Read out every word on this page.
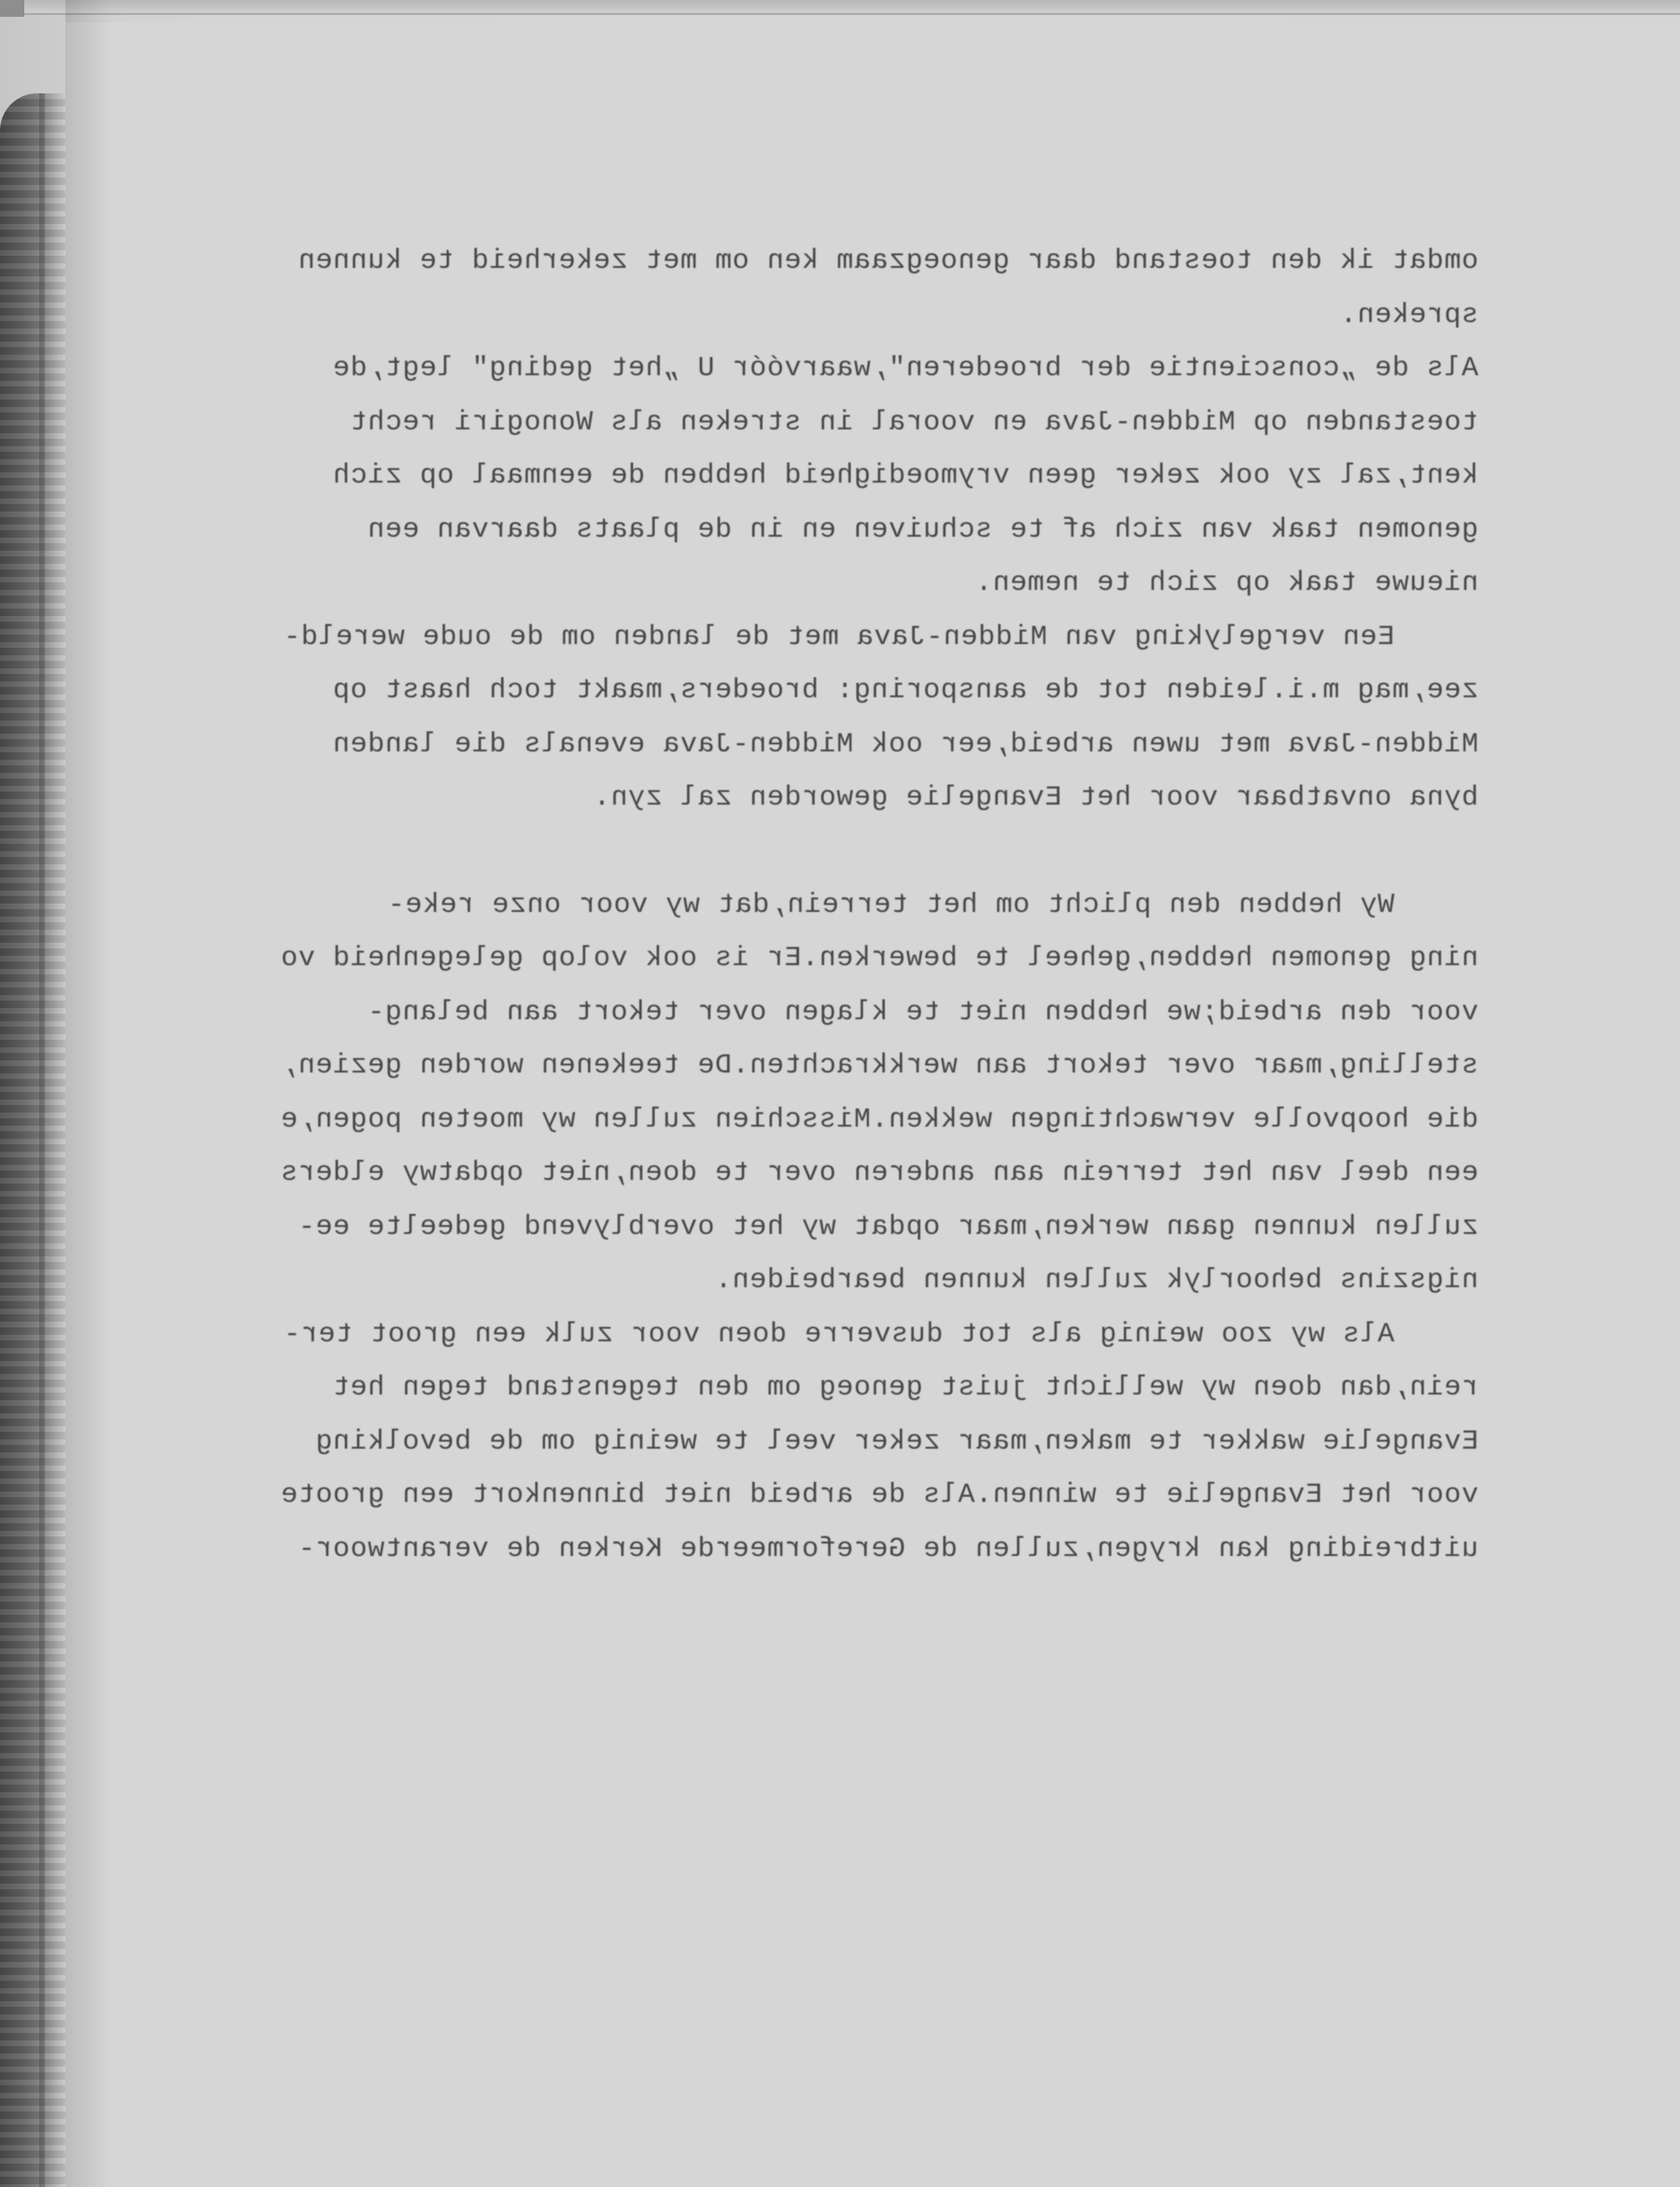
omdat ik den toestand daar genoegzaam ken om met zekerheid te kunnen
spreken.
Als de „conscientie der broederen",waarvóór U „het geding" legt,de
toestanden op Midden-Java en vooral in streken als Wonogiri recht
kent,zal zy ook zeker geen vrymoedigheid hebben de eenmaal op zich
genomen taak van zich af te schuiven en in de plaats daarvan een
nieuwe taak op zich te nemen.
Een vergelyking van Midden-Java met de landen om de oude wereld-
zee,mag m.i.leiden tot de aansporing: broeders,maakt toch haast op
Midden-Java met uwen arbeid,eer ook Midden-Java evenals die landen
byna onvatbaar voor het Evangelie geworden zal zyn.
Wy hebben den plicht om het terrein,dat wy voor onze reke-
ning genomen hebben,geheel te bewerken.Er is ook volop gelegenheid vo
voor den arbeid;we hebben niet te klagen over tekort aan belang-
stelling,maar over tekort aan werkkrachten.De teekenen worden gezien,
die hoopvolle verwachtingen wekken.Misschien zullen wy moeten pogen,e
een deel van het terrein aan anderen over te doen,niet opdatwy elders
zullen kunnen gaan werken,maar opdat wy het overblyvend gedeelte ee-
nigszins behoorlyk zullen kunnen bearbeiden.
Als wy zoo weinig als tot dusverre doen voor zulk een groot ter-
rein,dan doen wy wellicht juist genoeg om den tegenstand tegen het
Evangelie wakker te maken,maar zeker veel te weinig om de bevolking
voor het Evangelie te winnen.Als de arbeid niet binnenkort een groote
uitbreiding kan krygen,zullen de Gereformeerde Kerken de verantwoor-
